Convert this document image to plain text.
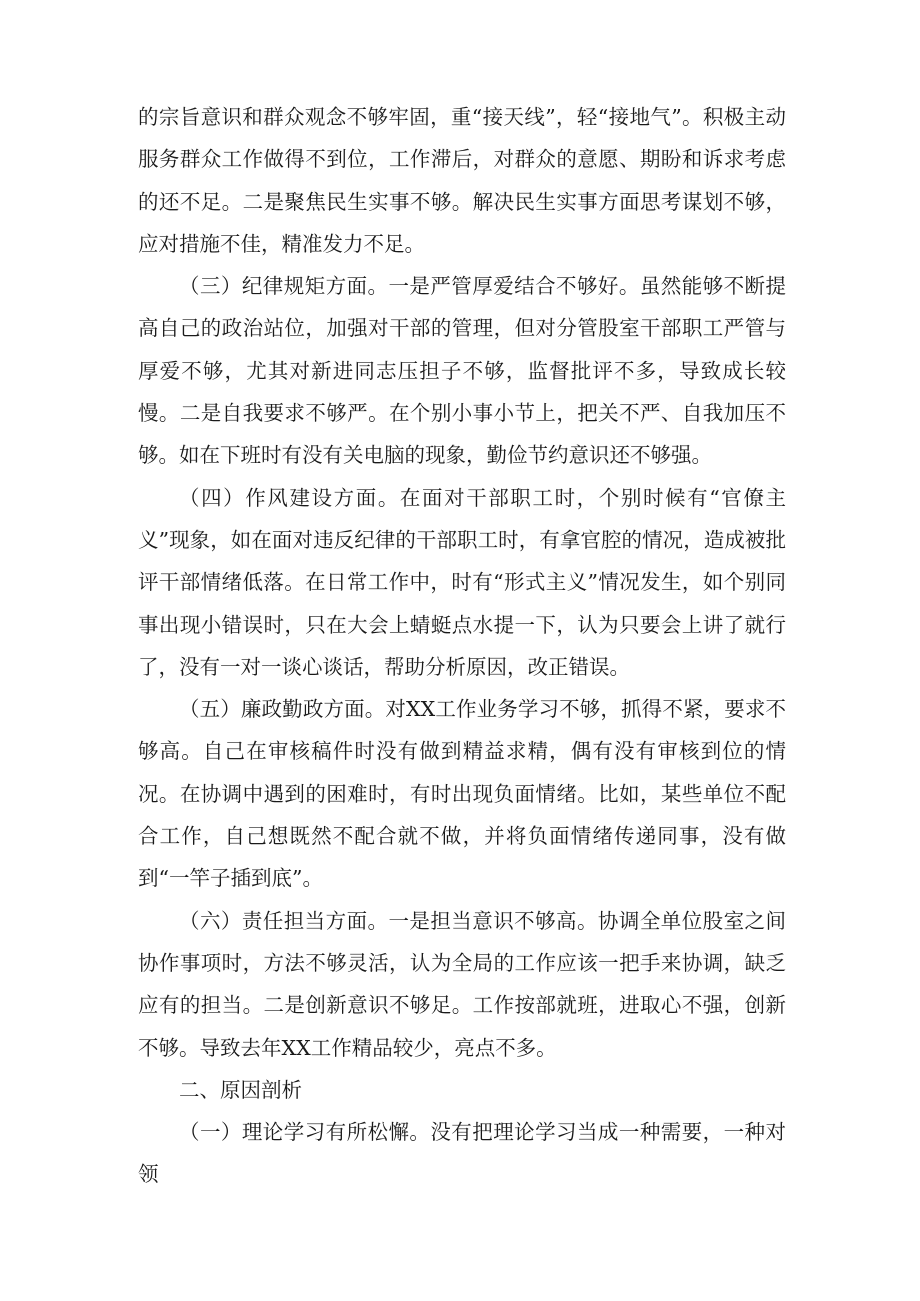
的宗旨意识和群众观念不够牢固，重“接天线”，轻“接地气”。积极主动服务群众工作做得不到位，工作滞后，对群众的意愿、期盼和诉求考虑的还不足。二是聚焦民生实事不够。解决民生实事方面思考谋划不够，应对措施不佳，精准发力不足。

（三）纪律规矩方面。一是严管厚爱结合不够好。虽然能够不断提高自己的政治站位，加强对干部的管理，但对分管股室干部职工严管与厚爱不够，尤其对新进同志压担子不够，监督批评不多，导致成长较慢。二是自我要求不够严。在个别小事小节上，把关不严、自我加压不够。如在下班时有没有关电脑的现象，勤俭节约意识还不够强。

（四）作风建设方面。在面对干部职工时，个别时候有“官僚主义”现象，如在面对违反纪律的干部职工时，有拿官腔的情况，造成被批评干部情绪低落。在日常工作中，时有“形式主义”情况发生，如个别同事出现小错误时，只在大会上蜻蜓点水提一下，认为只要会上讲了就行了，没有一对一谈心谈话，帮助分析原因，改正错误。

（五）廉政勤政方面。对XX工作业务学习不够，抓得不紧，要求不够高。自己在审核稿件时没有做到精益求精，偶有没有审核到位的情况。在协调中遇到的困难时，有时出现负面情绪。比如，某些单位不配合工作，自己想既然不配合就不做，并将负面情绪传递同事，没有做到“一竿子插到底”。

（六）责任担当方面。一是担当意识不够高。协调全单位股室之间协作事项时，方法不够灵活，认为全局的工作应该一把手来协调，缺乏应有的担当。二是创新意识不够足。工作按部就班，进取心不强，创新不够。导致去年XX工作精品较少，亮点不多。

二、原因剖析

（一）理论学习有所松懈。没有把理论学习当成一种需要，一种对领
